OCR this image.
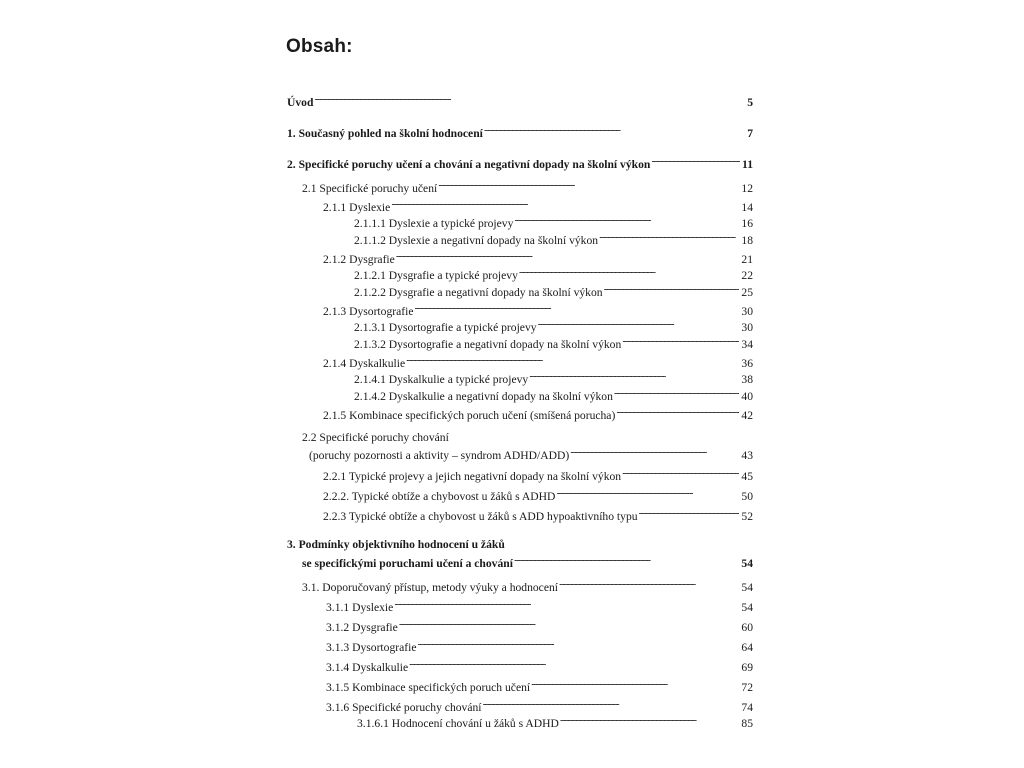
Obsah:
Úvod . . .	5
1. Současný pohled na školní hodnocení . . .	7
2. Specifické poruchy učení a chování a negativní dopady na školní výkon . . .	11
2.1 Specifické poruchy učení . . .	12
2.1.1 Dyslexie . . .	14
2.1.1.1 Dyslexie a typické projevy . . .	16
2.1.1.2 Dyslexie a negativní dopady na školní výkon . . .	18
2.1.2 Dysgrafie . . .	21
2.1.2.1 Dysgrafie a typické projevy . . .	22
2.1.2.2 Dysgrafie a negativní dopady na školní výkon . . .	25
2.1.3 Dysortografie . . .	30
2.1.3.1 Dysortografie a typické projevy . . .	30
2.1.3.2 Dysortografie a negativní dopady na školní výkon . . .	34
2.1.4 Dyskalkulie . . .	36
2.1.4.1 Dyskalkulie a typické projevy . . .	38
2.1.4.2 Dyskalkulie a negativní dopady na školní výkon . . .	40
2.1.5 Kombinace specifických poruch učení (smíšená porucha) . . .	42
2.2 Specifické poruchy chování
(poruchy pozornosti a aktivity – syndrom ADHD/ADD) . . .	43
2.2.1 Typické projevy a jejich negativní dopady na školní výkon . . .	45
2.2.2. Typické obtíže a chybovost u žáků s ADHD . . .	50
2.2.3 Typické obtíže a chybovost u žáků s ADD hypoaktivního typu . . .	52
3. Podmínky objektivního hodnocení u žáků
se specifickými poruchami učení a chování . . .	54
3.1. Doporučovaný přístup, metody výuky a hodnocení . . .	54
3.1.1 Dyslexie . . .	54
3.1.2 Dysgrafie . . .	60
3.1.3 Dysortografie . . .	64
3.1.4 Dyskalkulie . . .	69
3.1.5 Kombinace specifických poruch učení . . .	72
3.1.6 Specifické poruchy chování . . .	74
3.1.6.1 Hodnocení chování u žáků s ADHD . . .	85
